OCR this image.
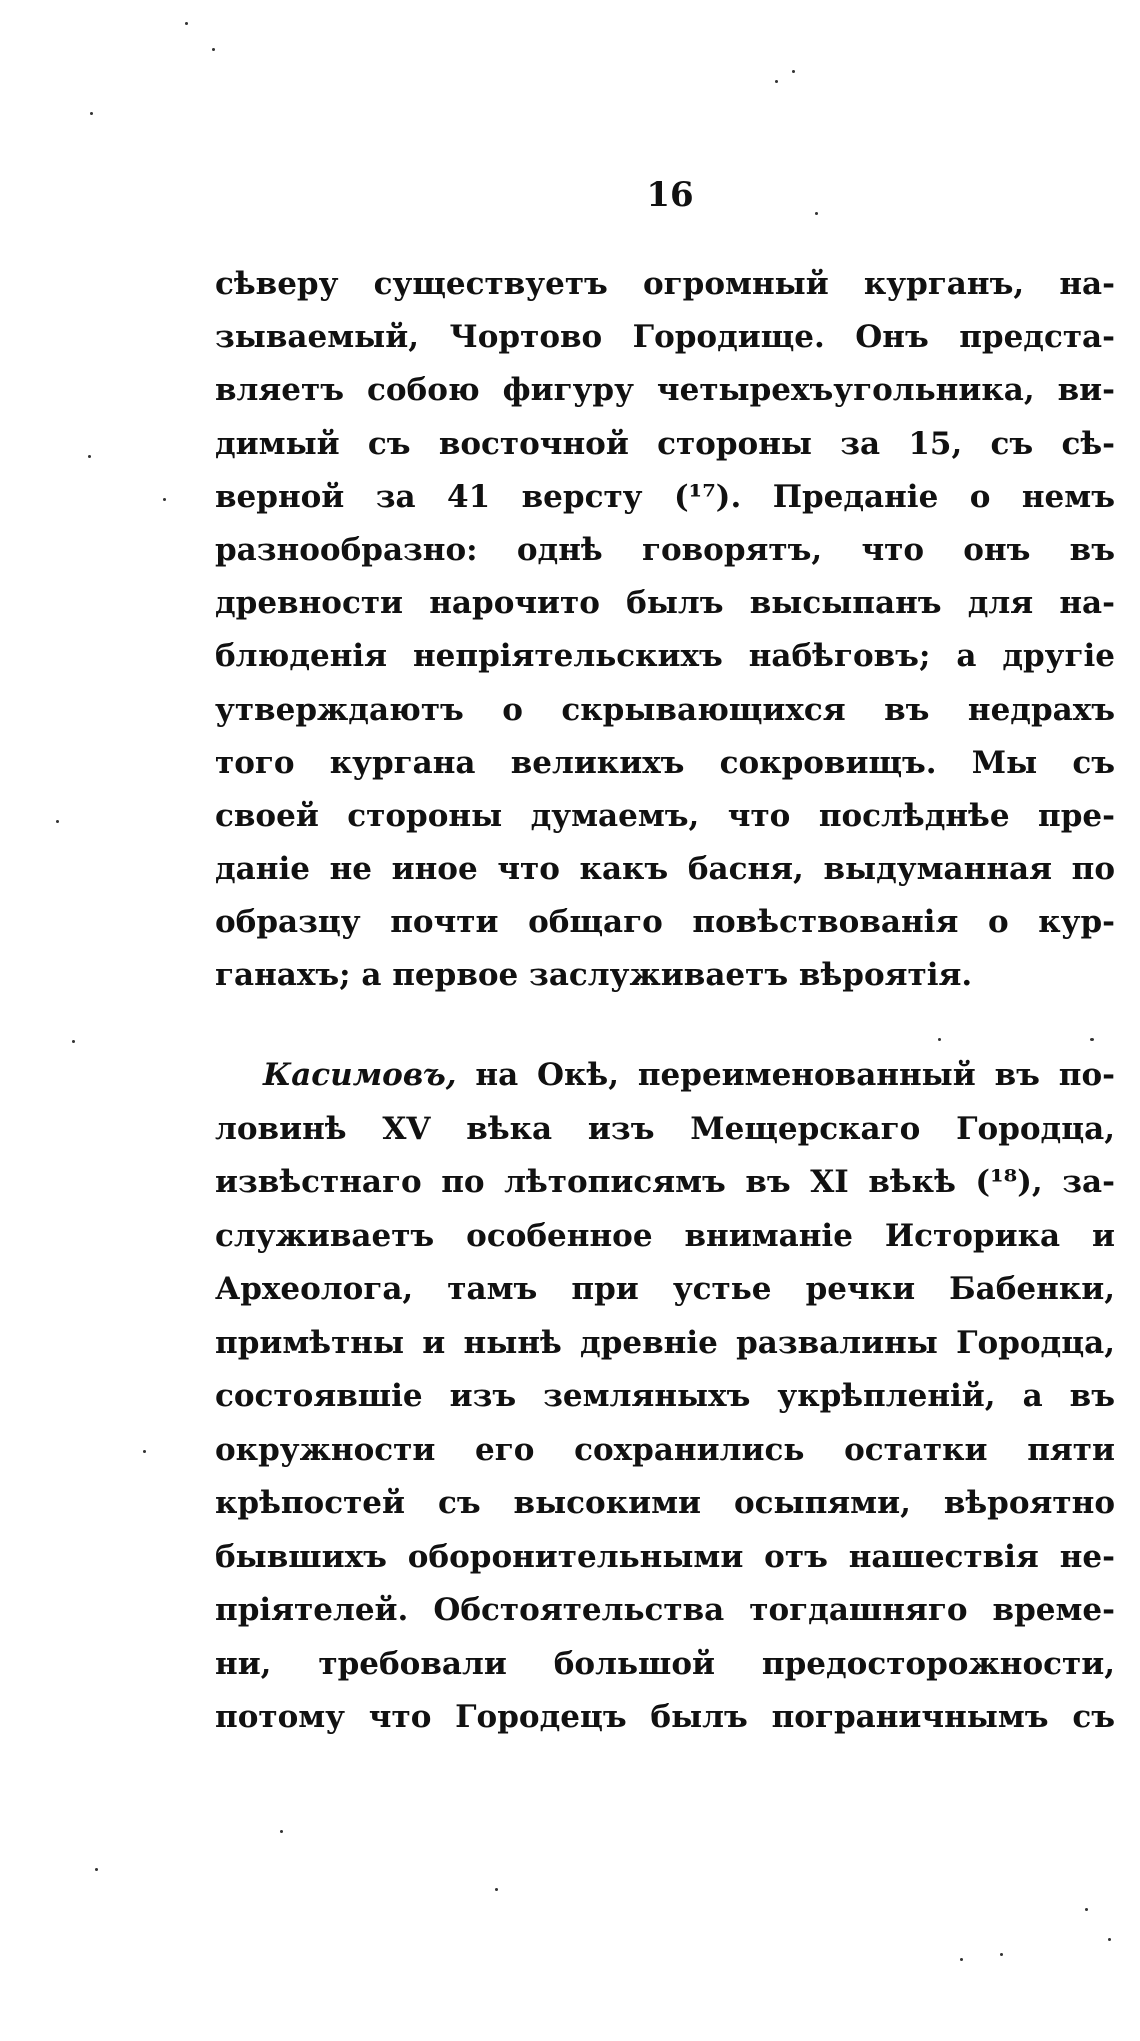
16
сѣверу существуетъ огромный курганъ, на-
зываемый, Чортово Городище. Онъ предста-
вляетъ собою фигуру четырехъугольника, ви-
димый съ восточной стороны за 15, съ сѣ-
верной за 41 версту (¹⁷). Преданіе о немъ
разнообразно: однѣ говорятъ, что онъ въ
древности нарочито былъ высыпанъ для на-
блюденія непріятельскихъ набѣговъ; а другіе
утверждаютъ о скрывающихся въ недрахъ
того кургана великихъ сокровищъ. Мы съ
своей стороны думаемъ, что послѣднѣе пре-
даніе не иное что какъ басня, выдуманная по
образцу почти общаго повѣствованія о кур-
ганахъ; а первое заслуживаетъ вѣроятія.
Касимовъ, на Окѣ, переименованный въ по-
ловинѣ XV вѣка изъ Мещерскаго Городца,
извѣстнаго по лѣтописямъ въ XI вѣкѣ (¹⁸), за-
служиваетъ особенное вниманіе Историка и
Археолога, тамъ при устье речки Бабенки,
примѣтны и нынѣ древніе развалины Городца,
состоявшіе изъ земляныхъ укрѣпленій, а въ
окружности его сохранились остатки пяти
крѣпостей съ высокими осыпями, вѣроятно
бывшихъ оборонительными отъ нашествія не-
пріятелей. Обстоятельства тогдашняго време-
ни, требовали большой предосторожности,
потому что Городецъ былъ пограничнымъ съ
